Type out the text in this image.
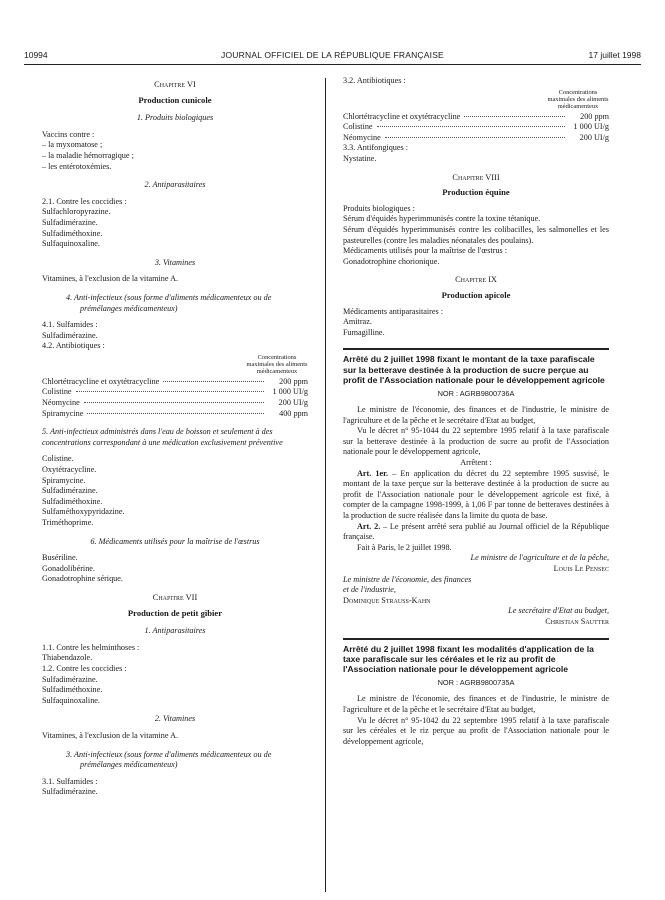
10994	JOURNAL OFFICIEL DE LA RÉPUBLIQUE FRANÇAISE	17 juillet 1998

Chapitre VI

Production cunicole

1. Produits biologiques

Vaccins contre :

– la myxomatose ;

– la maladie hémorragique ;

– les entérotoxémies.

2. Antiparasitaires

2.1. Contre les coccidies :

Sulfachloropyrazine.

Sulfadimérazine.

Sulfadiméthoxine.

Sulfaquinoxaline.

3. Vitamines

Vitamines, à l'exclusion de la vitamine A.

4. Anti-infectieux (sous forme d'aliments médicamenteux ou de prémélanges médicamenteux)

4.1. Sulfamides :

Sulfadimérazine.

4.2. Antibiotiques :

Concentrations maximales des aliments médicamenteux

Chlortétracycline et oxytétracycline	200 ppm
Colistine	1 000 UI/g
Néomycine	200 UI/g
Spiramycine	400 ppm

5. Anti-infectieux administrés dans l'eau de boisson et seulement à des concentrations correspondant à une médication exclusivement préventive

Colistine.

Oxytétracycline.

Spiramycine.

Sulfadimérazine.

Sulfadiméthoxine.

Sulfaméthoxypyridazine.

Triméthoprime.

6. Médicaments utilisés pour la maîtrise de l'œstrus

Busériline.

Gonadolibérine.

Gonadotrophine sérique.

Chapitre VII

Production de petit gibier

1. Antiparasitaires

1.1. Contre les helminthoses :

Thiabendazole.

1.2. Contre les coccidies :

Sulfadimérazine.

Sulfadiméthoxine.

Sulfaquinoxaline.

2. Vitamines

Vitamines, à l'exclusion de la vitamine A.

3. Anti-infectieux (sous forme d'aliments médicamenteux ou de prémélanges médicamenteux)

3.1. Sulfamides :

Sulfadimérazine.

3.2. Antibiotiques :

Concentrations maximales des aliments médicamenteux

Chlortétracycline et oxytétracycline	200 ppm
Colistine	1 000 UI/g
Néomycine	200 UI/g

3.3. Antifongiques :

Nystatine.

Chapitre VIII

Production équine

Produits biologiques :

Sérum d'équidés hyperimmunisés contre la toxine tétanique.

Sérum d'équidés hyperimmunisés contre les colibacilles, les salmonelles et les pasteurelles (contre les maladies néonatales des poulains).

Médicaments utilisés pour la maîtrise de l'œstrus :

Gonadotrophine chorionique.

Chapitre IX

Production apicole

Médicaments antiparasitaires :

Amitraz.

Fumagilline.

Arrêté du 2 juillet 1998 fixant le montant de la taxe parafiscale sur la betterave destinée à la production de sucre perçue au profit de l'Association nationale pour le développement agricole

NOR : AGRB9800736A

Le ministre de l'économie, des finances et de l'industrie, le ministre de l'agriculture et de la pêche et le secrétaire d'Etat au budget,

Vu le décret n° 95-1044 du 22 septembre 1995 relatif à la taxe parafiscale sur la betterave destinée à la production de sucre au profit de l'Association nationale pour le développement agricole,

Arrêtent :

Art. 1er. – En application du décret du 22 septembre 1995 susvisé, le montant de la taxe perçue sur la betterave destinée à la production de sucre au profit de l'Association nationale pour le développement agricole est fixé, à compter de la campagne 1998-1999, à 1,06 F par tonne de betteraves destinées à la production de sucre réalisée dans la limite du quota de base.

Art. 2. – Le présent arrêté sera publié au Journal officiel de la République française.

Fait à Paris, le 2 juillet 1998.

Le ministre de l'agriculture et de la pêche,

Louis Le Pensec

Le ministre de l'économie, des finances et de l'industrie,

Dominique Strauss-Kahn

Le secrétaire d'Etat au budget,

Christian Sautter

Arrêté du 2 juillet 1998 fixant les modalités d'application de la taxe parafiscale sur les céréales et le riz au profit de l'Association nationale pour le développement agricole

NOR : AGRB9800735A

Le ministre de l'économie, des finances et de l'industrie, le ministre de l'agriculture et de la pêche et le secrétaire d'Etat au budget,

Vu le décret n° 95-1042 du 22 septembre 1995 relatif à la taxe parafiscale sur les céréales et le riz perçue au profit de l'Association nationale pour le développement agricole,
